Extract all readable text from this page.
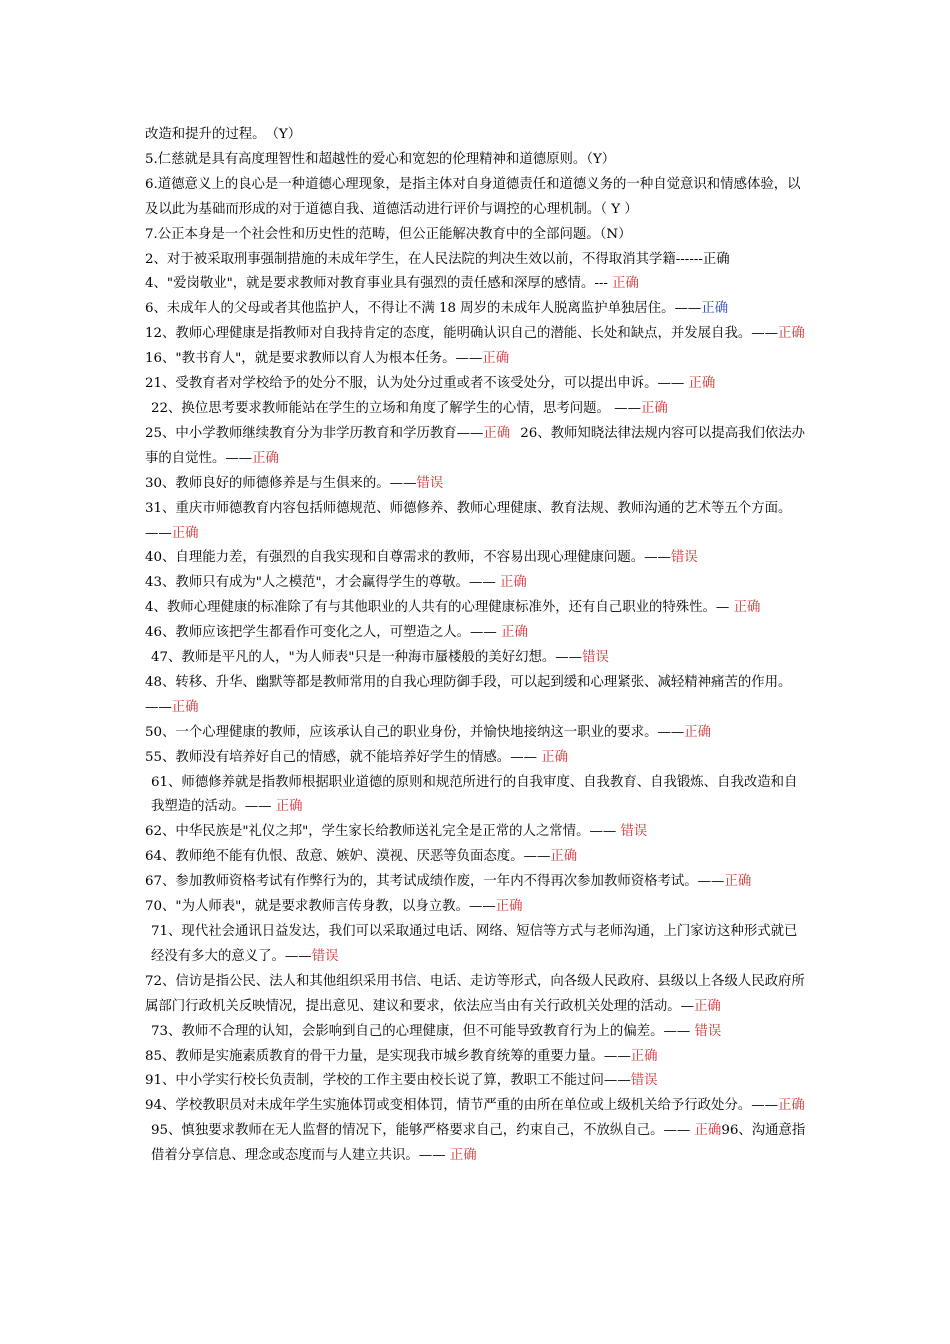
改造和提升的过程。　（Y）

5.仁慈就是具有高度理智性和超越性的爱心和宽恕的伦理精神和道德原则。（Y）

6.道德意义上的良心是一种道德心理现象，是指主体对自身道德责任和道德义务的一种自觉意识和情感体验，以及以此为基础而形成的对于道德自我、道德活动进行评价与调控的心理机制。（ Y ）

7.公正本身是一个社会性和历史性的范畴，但公正能解决教育中的全部问题。（N）

2、对于被采取刑事强制措施的未成年学生，在人民法院的判决生效以前，不得取消其学籍------正确

4、"爱岗敬业"，就是要求教师对教育事业具有强烈的责任感和深厚的感情。--- 正确

6、未成年人的父母或者其他监护人，不得让不满 18 周岁的未成年人脱离监护单独居住。——正确

12、教师心理健康是指教师对自我持肯定的态度，能明确认识自己的潜能、长处和缺点，并发展自我。——正确

16、"教书育人"，就是要求教师以育人为根本任务。——正确

21、受教育者对学校给予的处分不服，认为处分过重或者不该受处分，可以提出申诉。—— 正确

22、换位思考要求教师能站在学生的立场和角度了解学生的心情，思考问题。 ——正确

25、中小学教师继续教育分为非学历教育和学历教育——正确 26、教师知晓法律法规内容可以提高我们依法办事的自觉性。——正确

30、教师良好的师德修养是与生俱来的。——错误

31、重庆市师德教育内容包括师德规范、师德修养、教师心理健康、教育法规、教师沟通的艺术等五个方面。——正确

40、自理能力差，有强烈的自我实现和自尊需求的教师，不容易出现心理健康问题。——错误

43、教师只有成为"人之模范"，才会赢得学生的尊敬。—— 正确

4、教师心理健康的标准除了有与其他职业的人共有的心理健康标准外，还有自己职业的特殊性。— 正确

46、教师应该把学生都看作可变化之人，可塑造之人。—— 正确

47、教师是平凡的人，"为人师表"只是一种海市蜃楼般的美好幻想。——错误

48、转移、升华、幽默等都是教师常用的自我心理防御手段，可以起到缓和心理紧张、减轻精神痛苦的作用。——正确

50、一个心理健康的教师，应该承认自己的职业身份，并愉快地接纳这一职业的要求。——正确

55、教师没有培养好自己的情感，就不能培养好学生的情感。—— 正确

61、师德修养就是指教师根据职业道德的原则和规范所进行的自我审度、自我教育、自我锻炼、自我改造和自我塑造的活动。—— 正确

62、中华民族是"礼仪之邦"，学生家长给教师送礼完全是正常的人之常情。—— 错误

64、教师绝不能有仇恨、敌意、嫉妒、漠视、厌恶等负面态度。——正确

67、参加教师资格考试有作弊行为的，其考试成绩作废，一年内不得再次参加教师资格考试。——正确

70、"为人师表"，就是要求教师言传身教，以身立教。——正确

71、现代社会通讯日益发达，我们可以采取通过电话、网络、短信等方式与老师沟通，上门家访这种形式就已经没有多大的意义了。——错误

72、信访是指公民、法人和其他组织采用书信、电话、走访等形式，向各级人民政府、县级以上各级人民政府所属部门行政机关反映情况，提出意见、建议和要求，依法应当由有关行政机关处理的活动。—正确

73、教师不合理的认知，会影响到自己的心理健康，但不可能导致教育行为上的偏差。—— 错误

85、教师是实施素质教育的骨干力量，是实现我市城乡教育统筹的重要力量。——正确

91、中小学实行校长负责制，学校的工作主要由校长说了算，教职工不能过问——错误

94、学校教职员对未成年学生实施体罚或变相体罚，情节严重的由所在单位或上级机关给予行政处分。——正确

95、慎独要求教师在无人监督的情况下，能够严格要求自己，约束自己，不放纵自己。—— 正确96、沟通意指借着分享信息、理念或态度而与人建立共识。—— 正确
